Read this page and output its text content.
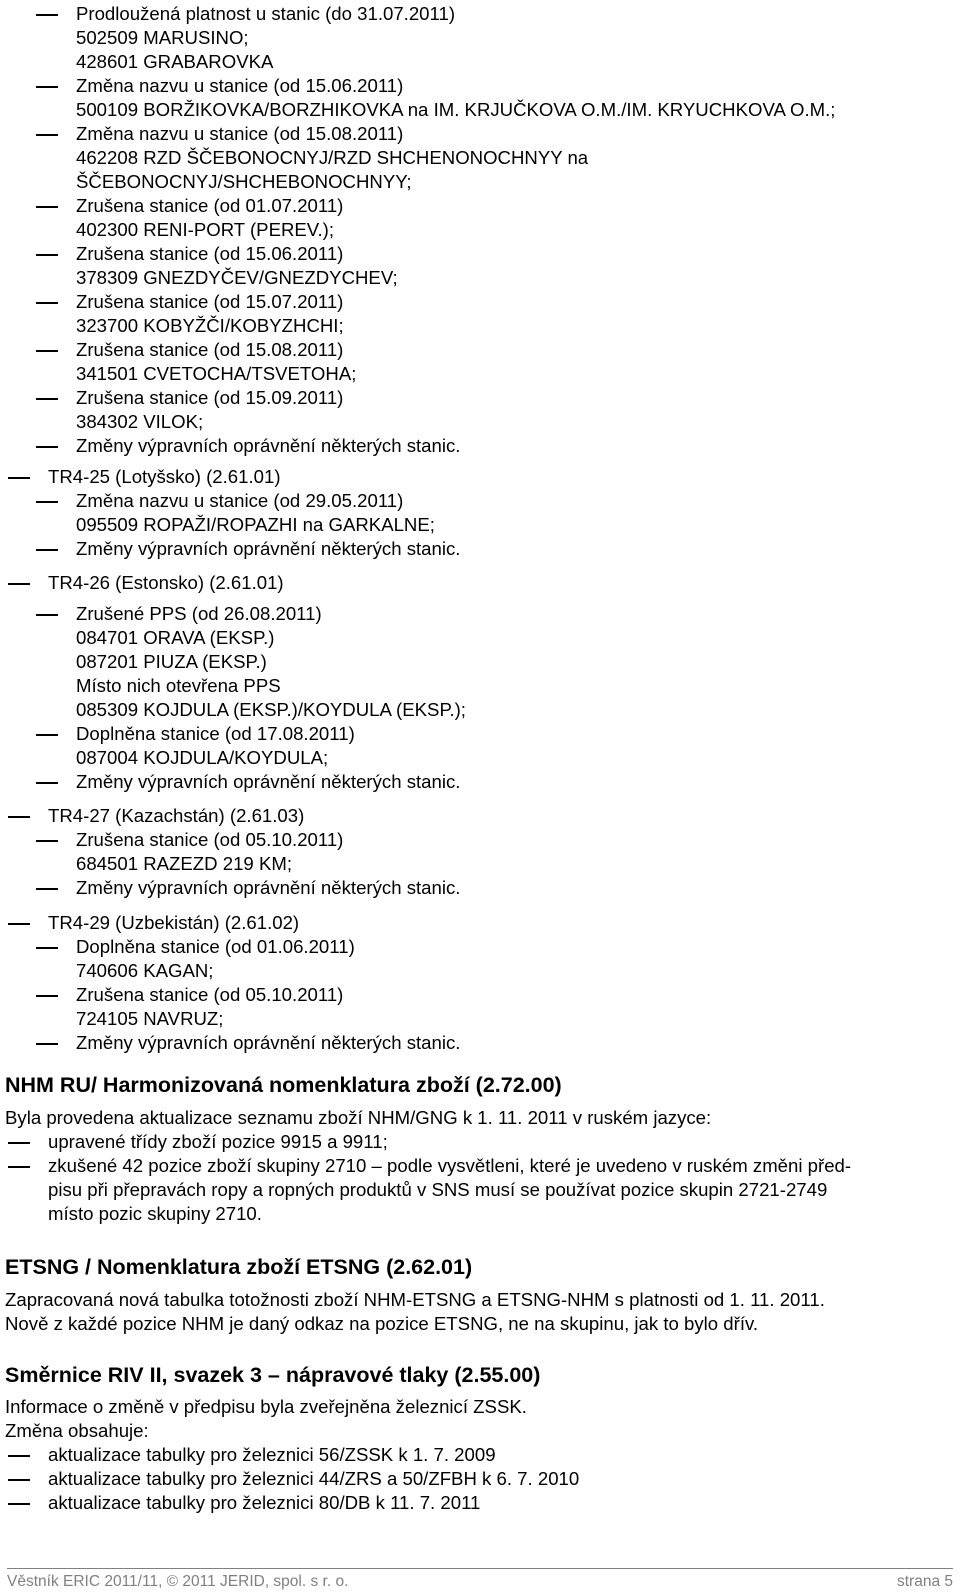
Prodloužená platnost u stanic (do 31.07.2011)
502509 MARUSINO;
428601 GRABAROVKA
Změna nazvu u stanice (od 15.06.2011)
500109 BORŽIKOVKA/BORZHIKOVKA na IM. KRJUČKOVA O.M./IM. KRYUCHKOVA O.M.;
Změna nazvu u stanice (od 15.08.2011)
462208 RZD ŠČEBONOCNYJ/RZD SHCHENONOCHNYY na
ŠČEBONOCNYJ/SHCHEBONOCHNYY;
Zrušena stanice (od 01.07.2011)
402300 RENI-PORT (PEREV.);
Zrušena stanice (od 15.06.2011)
378309 GNEZDYČEV/GNEZDYCHEV;
Zrušena stanice (od 15.07.2011)
323700 KOBYŽČI/KOBYZHCHI;
Zrušena stanice (od 15.08.2011)
341501 CVETOCHA/TSVETOHA;
Zrušena stanice (od 15.09.2011)
384302 VILOK;
Změny výpravních oprávnění některých stanic.
TR4-25 (Lotyšsko) (2.61.01)
Změna nazvu u stanice (od 29.05.2011)
095509 ROPAŽI/ROPAZHI na GARKALNE;
Změny výpravních oprávnění některých stanic.
TR4-26 (Estonsko) (2.61.01)
Zrušené PPS (od 26.08.2011)
084701 ORAVA (EKSP.)
087201 PIUZA (EKSP.)
Místo nich otevřena PPS
085309 KOJDULA (EKSP.)/KOYDULA (EKSP.);
Doplněna stanice (od 17.08.2011)
087004 KOJDULA/KOYDULA;
Změny výpravních oprávnění některých stanic.
TR4-27 (Kazachstán) (2.61.03)
Zrušena stanice (od 05.10.2011)
684501 RAZEZD 219 KM;
Změny výpravních oprávnění některých stanic.
TR4-29 (Uzbekistán) (2.61.02)
Doplněna stanice (od 01.06.2011)
740606 KAGAN;
Zrušena stanice (od 05.10.2011)
724105 NAVRUZ;
Změny výpravních oprávnění některých stanic.
NHM RU/ Harmonizovaná nomenklatura zboží (2.72.00)
Byla provedena aktualizace seznamu zboží NHM/GNG k 1. 11. 2011 v ruském jazyce:
upravené třídy zboží pozice 9915 a 9911;
zkušené 42 pozice zboží skupiny 2710 – podle vysvětleni, které je uvedeno v ruském změni před-
pisu při přepravách ropy a ropných produktů v SNS musí se používat pozice skupin 2721-2749
místo pozic skupiny 2710.
ETSNG / Nomenklatura zboží ETSNG (2.62.01)
Zapracovaná nová tabulka totožnosti zboží NHM-ETSNG a ETSNG-NHM s platnosti od 1. 11. 2011.
Nově z každé pozice NHM je daný odkaz na pozice ETSNG, ne na skupinu, jak to bylo dřív.
Směrnice RIV II, svazek 3 – nápravové tlaky (2.55.00)
Informace o změně v předpisu byla zveřejněna železnicí ZSSK.
Změna obsahuje:
aktualizace tabulky pro železnici 56/ZSSK k 1. 7. 2009
aktualizace tabulky pro železnici 44/ZRS a 50/ZFBH k 6. 7. 2010
aktualizace tabulky pro železnici 80/DB k 11. 7. 2011
Věstník ERIC 2011/11, © 2011 JERID, spol. s r. o.	strana 5
